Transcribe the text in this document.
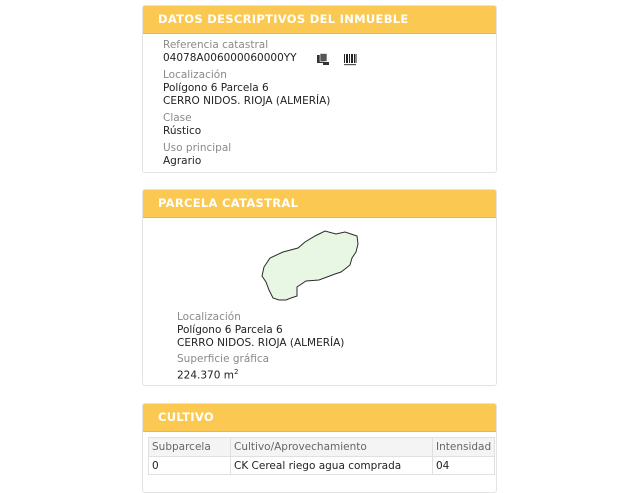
DATOS DESCRIPTIVOS DEL INMUEBLE
Referencia catastral
04078A006000060000YY
Localización
Polígono 6 Parcela 6
CERRO NIDOS. RIOJA (ALMERÍA)
Clase
Rústico
Uso principal
Agrario
PARCELA CATASTRAL
Localización
Polígono 6 Parcela 6
CERRO NIDOS. RIOJA (ALMERÍA)
Superficie gráfica
224.370 $m^2$
CULTIVO
Subparcela	Cultivo/Aprovechamiento	Intensidad
0	CK Cereal riego agua comprada	04
